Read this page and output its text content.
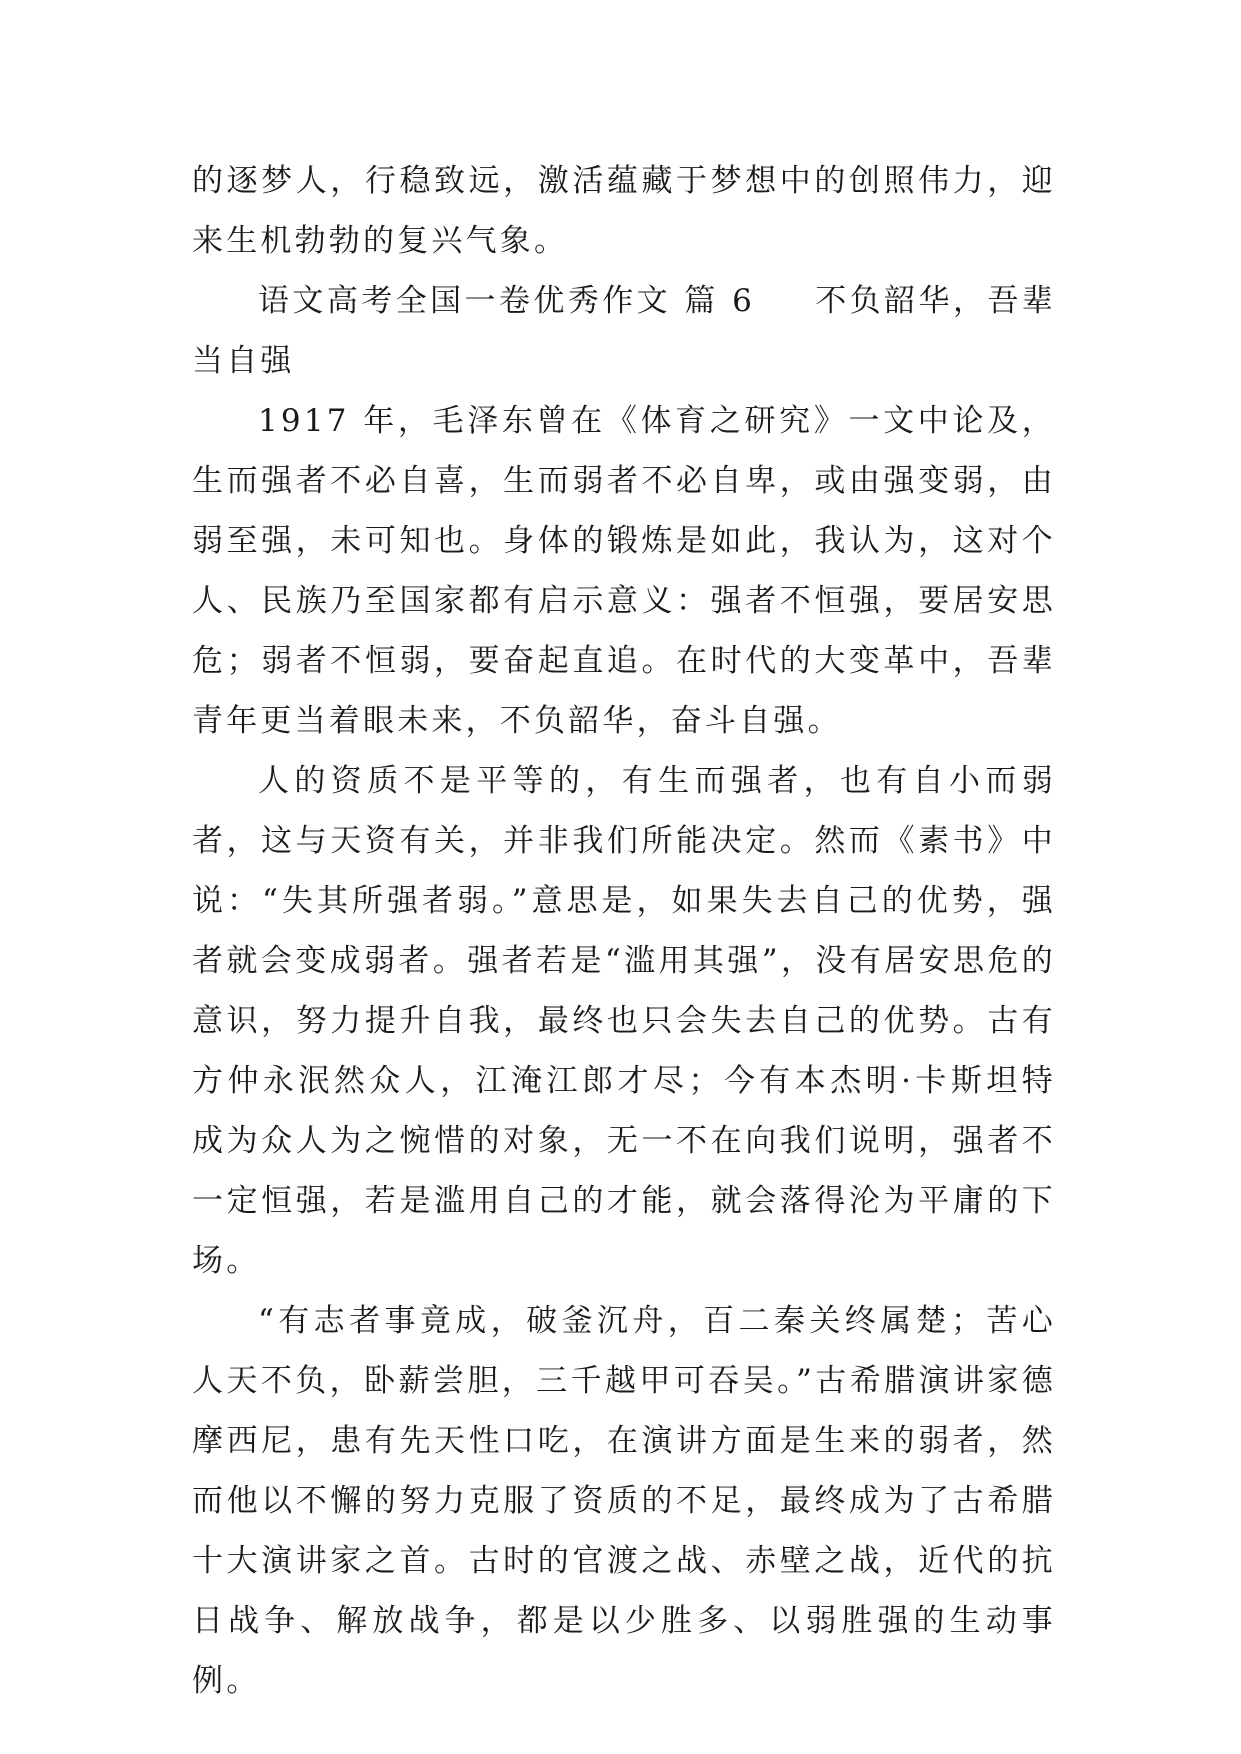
的逐梦人，行稳致远，激活蕴藏于梦想中的创照伟力，迎来生机勃勃的复兴气象。

语文高考全国一卷优秀作文 篇 6 不负韶华，吾辈当自强

1917 年，毛泽东曾在《体育之研究》一文中论及，生而强者不必自喜，生而弱者不必自卑，或由强变弱，由弱至强，未可知也。身体的锻炼是如此，我认为，这对个人、民族乃至国家都有启示意义：强者不恒强，要居安思危；弱者不恒弱，要奋起直追。在时代的大变革中，吾辈青年更当着眼未来，不负韶华，奋斗自强。

人的资质不是平等的，有生而强者，也有自小而弱者，这与天资有关，并非我们所能决定。然而《素书》中说：“失其所强者弱。”意思是，如果失去自己的优势，强者就会变成弱者。强者若是“滥用其强”，没有居安思危的意识，努力提升自我，最终也只会失去自己的优势。古有方仲永泯然众人，江淹江郎才尽；今有本杰明·卡斯坦特成为众人为之惋惜的对象，无一不在向我们说明，强者不一定恒强，若是滥用自己的才能，就会落得沦为平庸的下场。

“有志者事竟成，破釜沉舟，百二秦关终属楚；苦心人天不负，卧薪尝胆，三千越甲可吞吴。”古希腊演讲家德摩西尼，患有先天性口吃，在演讲方面是生来的弱者，然而他以不懈的努力克服了资质的不足，最终成为了古希腊十大演讲家之首。古时的官渡之战、赤壁之战，近代的抗日战争、解放战争，都是以少胜多、以弱胜强的生动事例。
